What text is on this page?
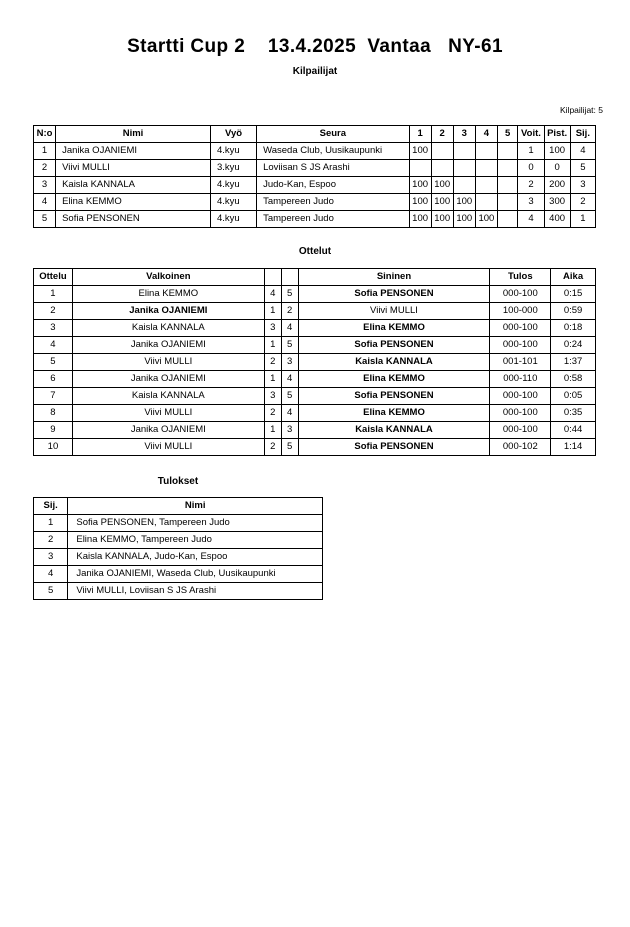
Startti Cup 2    13.4.2025  Vantaa   NY-61
Kilpailijat
Kilpailijat: 5
N:o	Nimi	Vyö	Seura	1	2	3	4	5	Voit.	Pist.	Sij.
1	Janika OJANIEMI	4.kyu	Waseda Club, Uusikaupunki	100					1	100	4
2	Viivi MULLI	3.kyu	Loviisan S JS Arashi						0	0	5
3	Kaisla KANNALA	4.kyu	Judo-Kan, Espoo	100	100				2	200	3
4	Elina KEMMO	4.kyu	Tampereen Judo	100	100	100			3	300	2
5	Sofia PENSONEN	4.kyu	Tampereen Judo	100	100	100	100		4	400	1
Ottelut
Ottelu	Valkoinen			Sininen	Tulos	Aika
1	Elina KEMMO	4	5	Sofia PENSONEN	000-100	0:15
2	Janika OJANIEMI	1	2	Viivi MULLI	100-000	0:59
3	Kaisla KANNALA	3	4	Elina KEMMO	000-100	0:18
4	Janika OJANIEMI	1	5	Sofia PENSONEN	000-100	0:24
5	Viivi MULLI	2	3	Kaisla KANNALA	001-101	1:37
6	Janika OJANIEMI	1	4	Elina KEMMO	000-110	0:58
7	Kaisla KANNALA	3	5	Sofia PENSONEN	000-100	0:05
8	Viivi MULLI	2	4	Elina KEMMO	000-100	0:35
9	Janika OJANIEMI	1	3	Kaisla KANNALA	000-100	0:44
10	Viivi MULLI	2	5	Sofia PENSONEN	000-102	1:14
Tulokset
Sij.	Nimi
1	Sofia PENSONEN, Tampereen Judo
2	Elina KEMMO, Tampereen Judo
3	Kaisla KANNALA, Judo-Kan, Espoo
4	Janika OJANIEMI, Waseda Club, Uusikaupunki
5	Viivi MULLI, Loviisan S JS Arashi
